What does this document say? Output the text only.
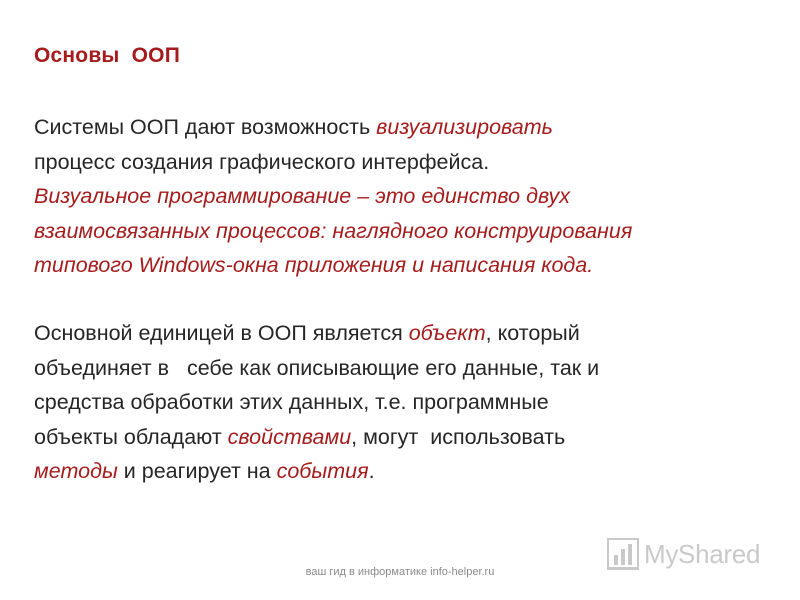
Основы  ООП
Системы ООП дают возможность визуализировать
процесс создания графического интерфейса.
Визуальное программирование – это единство двух
взаимосвязанных процессов: наглядного конструирования
типового Windows-окна приложения и написания кода.
Основной единицей в ООП является объект, который
объединяет в   себе как описывающие его данные, так и
средства обработки этих данных, т.е. программные
объекты обладают свойствами, могут  использовать
методы и реагирует на события.
ваш гид в информатике info-helper.ru
MyShared
